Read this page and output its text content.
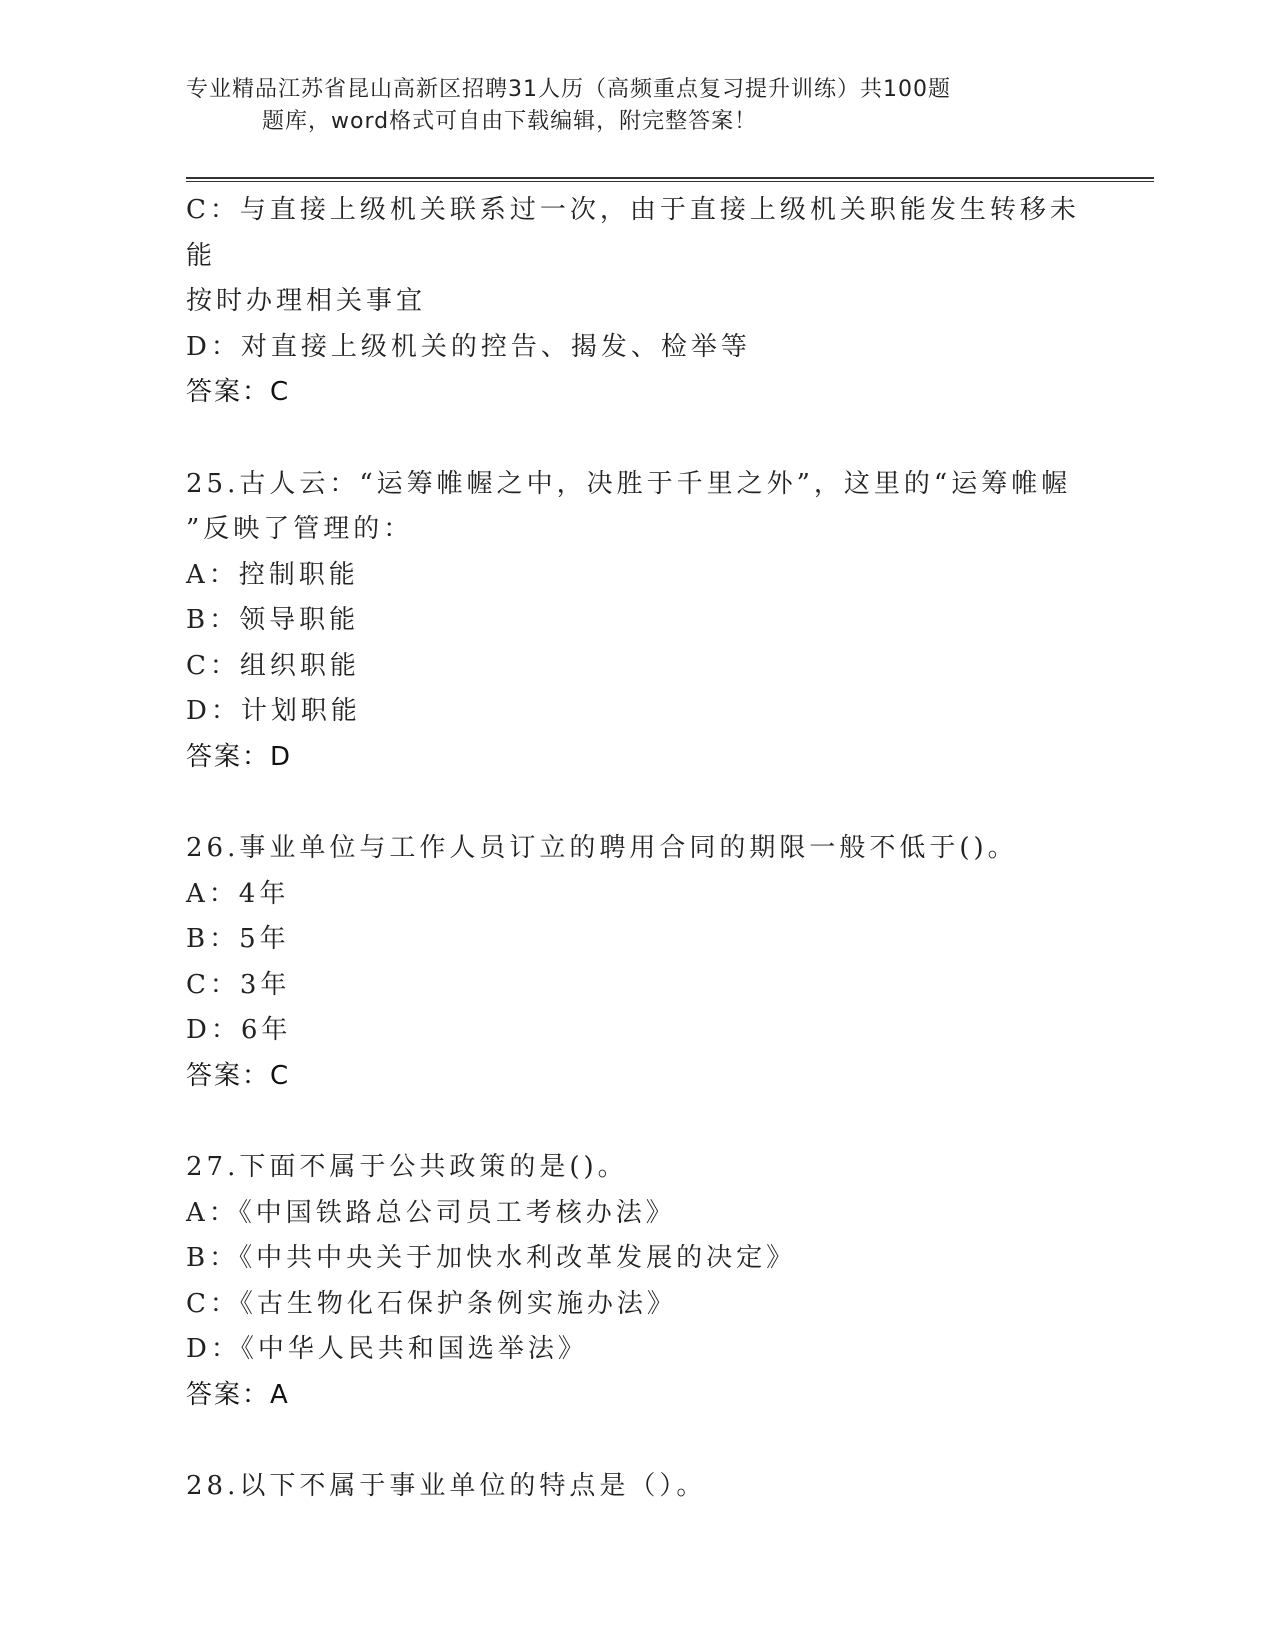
专业精品江苏省昆山高新区招聘31人历（高频重点复习提升训练）共100题
题库，word格式可自由下载编辑，附完整答案！

C：与直接上级机关联系过一次，由于直接上级机关职能发生转移未能

按时办理相关事宜

D：对直接上级机关的控告、揭发、检举等

答案：C

25.古人云：“运筹帷幄之中，决胜于千里之外”，这里的“运筹帷幄

”反映了管理的：

A：控制职能

B：领导职能

C：组织职能

D：计划职能

答案：D

26.事业单位与工作人员订立的聘用合同的期限一般不低于()。

A：4年

B：5年

C：3年

D：6年

答案：C

27.下面不属于公共政策的是()。

A：《中国铁路总公司员工考核办法》

B：《中共中央关于加快水利改革发展的决定》

C：《古生物化石保护条例实施办法》

D：《中华人民共和国选举法》

答案：A

28.以下不属于事业单位的特点是（）。
